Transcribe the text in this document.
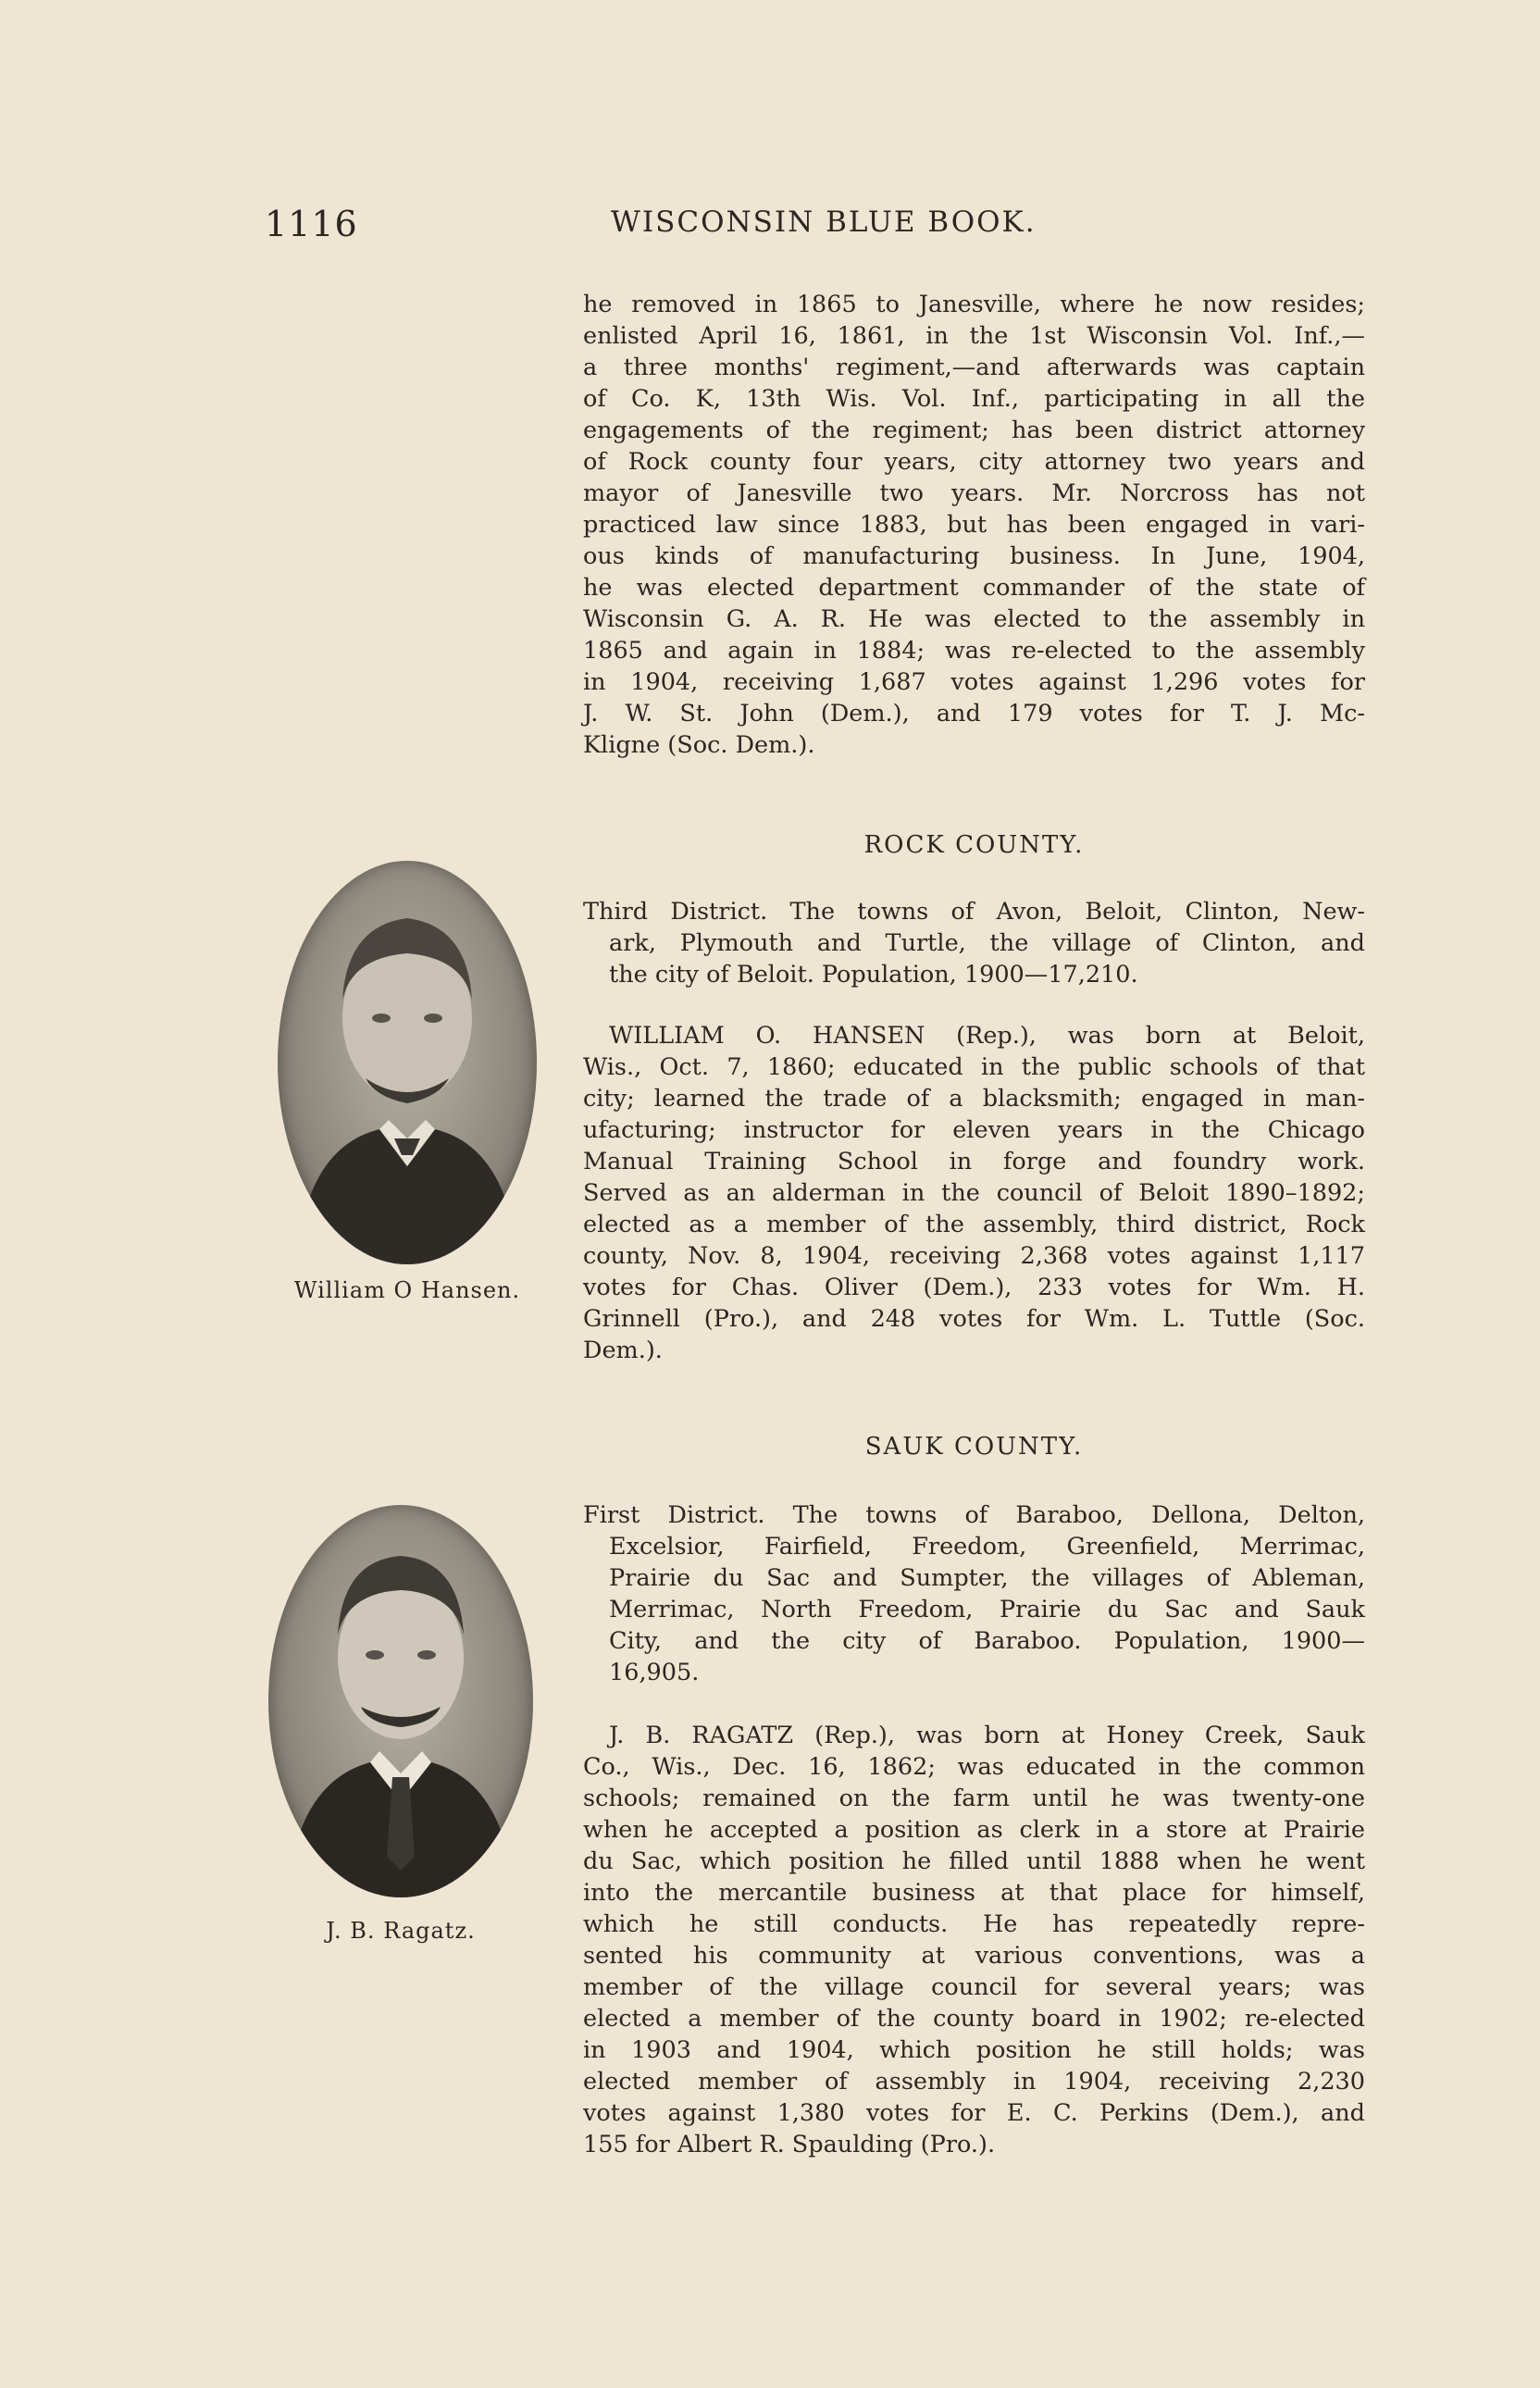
1116	WISCONSIN BLUE BOOK.
he removed in 1865 to Janesville, where he now resides;
enlisted April 16, 1861, in the 1st Wisconsin Vol. Inf.,—
a three months' regiment,—and afterwards was captain
of Co. K, 13th Wis. Vol. Inf., participating in all the
engagements of the regiment; has been district attorney
of Rock county four years, city attorney two years and
mayor of Janesville two years. Mr. Norcross has not
practiced law since 1883, but has been engaged in vari-
ous kinds of manufacturing business. In June, 1904,
he was elected department commander of the state of
Wisconsin G. A. R. He was elected to the assembly in
1865 and again in 1884; was re-elected to the assembly
in 1904, receiving 1,687 votes against 1,296 votes for
J. W. St. John (Dem.), and 179 votes for T. J. Mc-
Kligne (Soc. Dem.).
ROCK COUNTY.
Third District. The towns of Avon, Beloit, Clinton, New-
ark, Plymouth and Turtle, the village of Clinton, and
the city of Beloit. Population, 1900—17,210.
WILLIAM O. HANSEN (Rep.), was born at Beloit,
Wis., Oct. 7, 1860; educated in the public schools of that
city; learned the trade of a blacksmith; engaged in man-
ufacturing; instructor for eleven years in the Chicago
Manual Training School in forge and foundry work.
Served as an alderman in the council of Beloit 1890–1892;
elected as a member of the assembly, third district, Rock
county, Nov. 8, 1904, receiving 2,368 votes against 1,117
votes for Chas. Oliver (Dem.), 233 votes for Wm. H.
Grinnell (Pro.), and 248 votes for Wm. L. Tuttle (Soc.
Dem.).
William O Hansen.
SAUK COUNTY.
First District. The towns of Baraboo, Dellona, Delton,
Excelsior, Fairfield, Freedom, Greenfield, Merrimac,
Prairie du Sac and Sumpter, the villages of Ableman,
Merrimac, North Freedom, Prairie du Sac and Sauk
City, and the city of Baraboo. Population, 1900—
16,905.
J. B. RAGATZ (Rep.), was born at Honey Creek, Sauk
Co., Wis., Dec. 16, 1862; was educated in the common
schools; remained on the farm until he was twenty-one
when he accepted a position as clerk in a store at Prairie
du Sac, which position he filled until 1888 when he went
into the mercantile business at that place for himself,
which he still conducts. He has repeatedly repre-
sented his community at various conventions, was a
member of the village council for several years; was
elected a member of the county board in 1902; re-elected
in 1903 and 1904, which position he still holds; was
elected member of assembly in 1904, receiving 2,230
votes against 1,380 votes for E. C. Perkins (Dem.), and
155 for Albert R. Spaulding (Pro.).
J. B. Ragatz.
